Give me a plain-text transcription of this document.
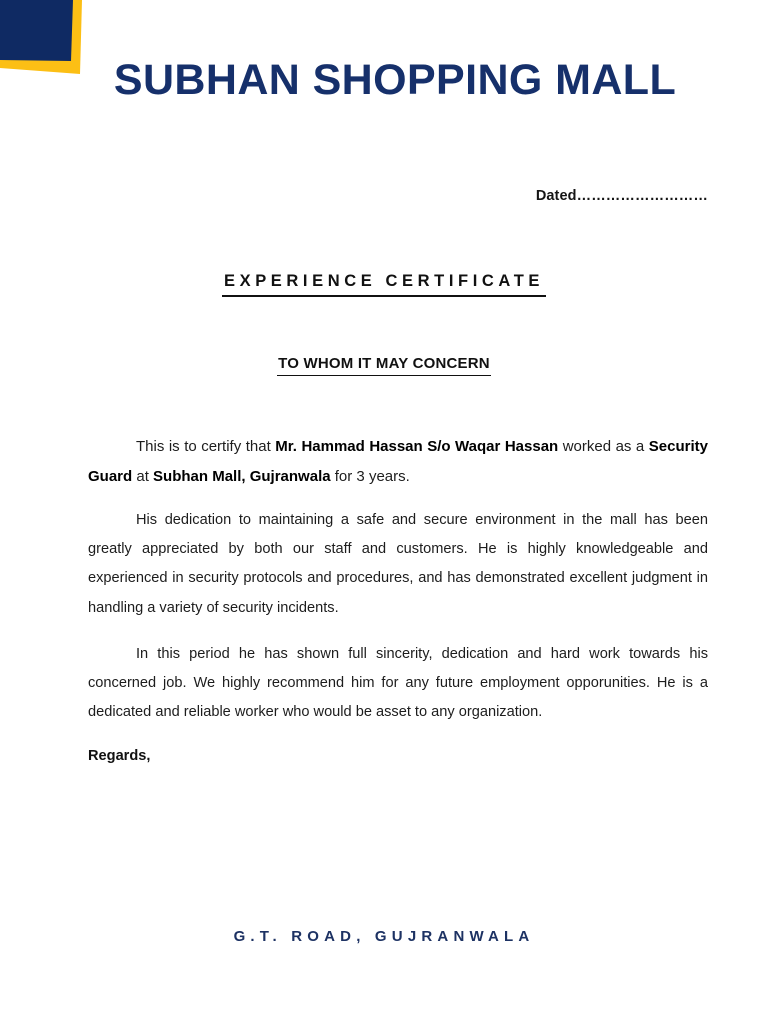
SUBHAN SHOPPING MALL
Dated………………………
EXPERIENCE CERTIFICATE
TO WHOM IT MAY CONCERN

This is to certify that Mr. Hammad Hassan S/o Waqar Hassan worked as a Security Guard at Subhan Mall, Gujranwala for 3 years.

His dedication to maintaining a safe and secure environment in the mall has been greatly appreciated by both our staff and customers. He is highly knowledgeable and experienced in security protocols and procedures, and has demonstrated excellent judgment in handling a variety of security incidents.

In this period he has shown full sincerity, dedication and hard work towards his concerned job. We highly recommend him for any future employment opporunities. He is a dedicated and reliable worker who would be asset to any organization.

Regards,
G.T. ROAD, GUJRANWALA
